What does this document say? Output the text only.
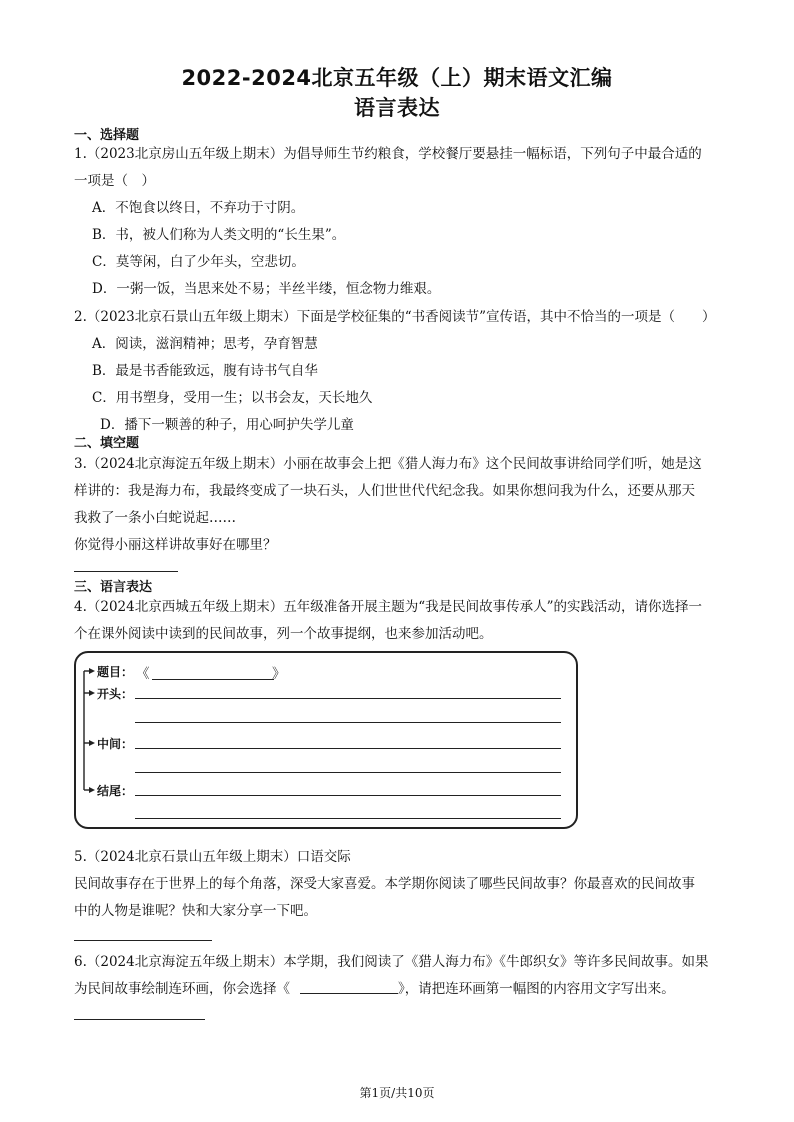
2022-2024北京五年级（上）期末语文汇编
语言表达
一、选择题
1.（2023北京房山五年级上期末）为倡导师生节约粮食，学校餐厅要悬挂一幅标语，下列句子中最合适的
一项是（　）
A．不饱食以终日，不弃功于寸阴。
B．书，被人们称为人类文明的“长生果”。
C．莫等闲，白了少年头，空悲切。
D．一粥一饭，当思来处不易；半丝半缕，恒念物力维艰。
2.（2023北京石景山五年级上期末）下面是学校征集的“书香阅读节”宣传语，其中不恰当的一项是（　　）
A．阅读，滋润精神；思考，孕育智慧
B．最是书香能致远，腹有诗书气自华
C．用书塑身，受用一生；以书会友，天长地久
D．播下一颗善的种子，用心呵护失学儿童
二、填空题
3.（2024北京海淀五年级上期末）小丽在故事会上把《猎人海力布》这个民间故事讲给同学们听，她是这
样讲的：我是海力布，我最终变成了一块石头，人们世世代代纪念我。如果你想问我为什么，还要从那天
我救了一条小白蛇说起……
你觉得小丽这样讲故事好在哪里？
三、语言表达
4.（2024北京西城五年级上期末）五年级准备开展主题为“我是民间故事传承人”的实践活动，请你选择一
个在课外阅读中读到的民间故事，列一个故事提纲，也来参加活动吧。
题目： 《	》
开头：
中间：
结尾：
5.（2024北京石景山五年级上期末）口语交际
民间故事存在于世界上的每个角落，深受大家喜爱。本学期你阅读了哪些民间故事？你最喜欢的民间故事
中的人物是谁呢？快和大家分享一下吧。
6.（2024北京海淀五年级上期末）本学期，我们阅读了《猎人海力布》《牛郎织女》等许多民间故事。如果
为民间故事绘制连环画，你会选择《	》，请把连环画第一幅图的内容用文字写出来。
第1页/共10页
